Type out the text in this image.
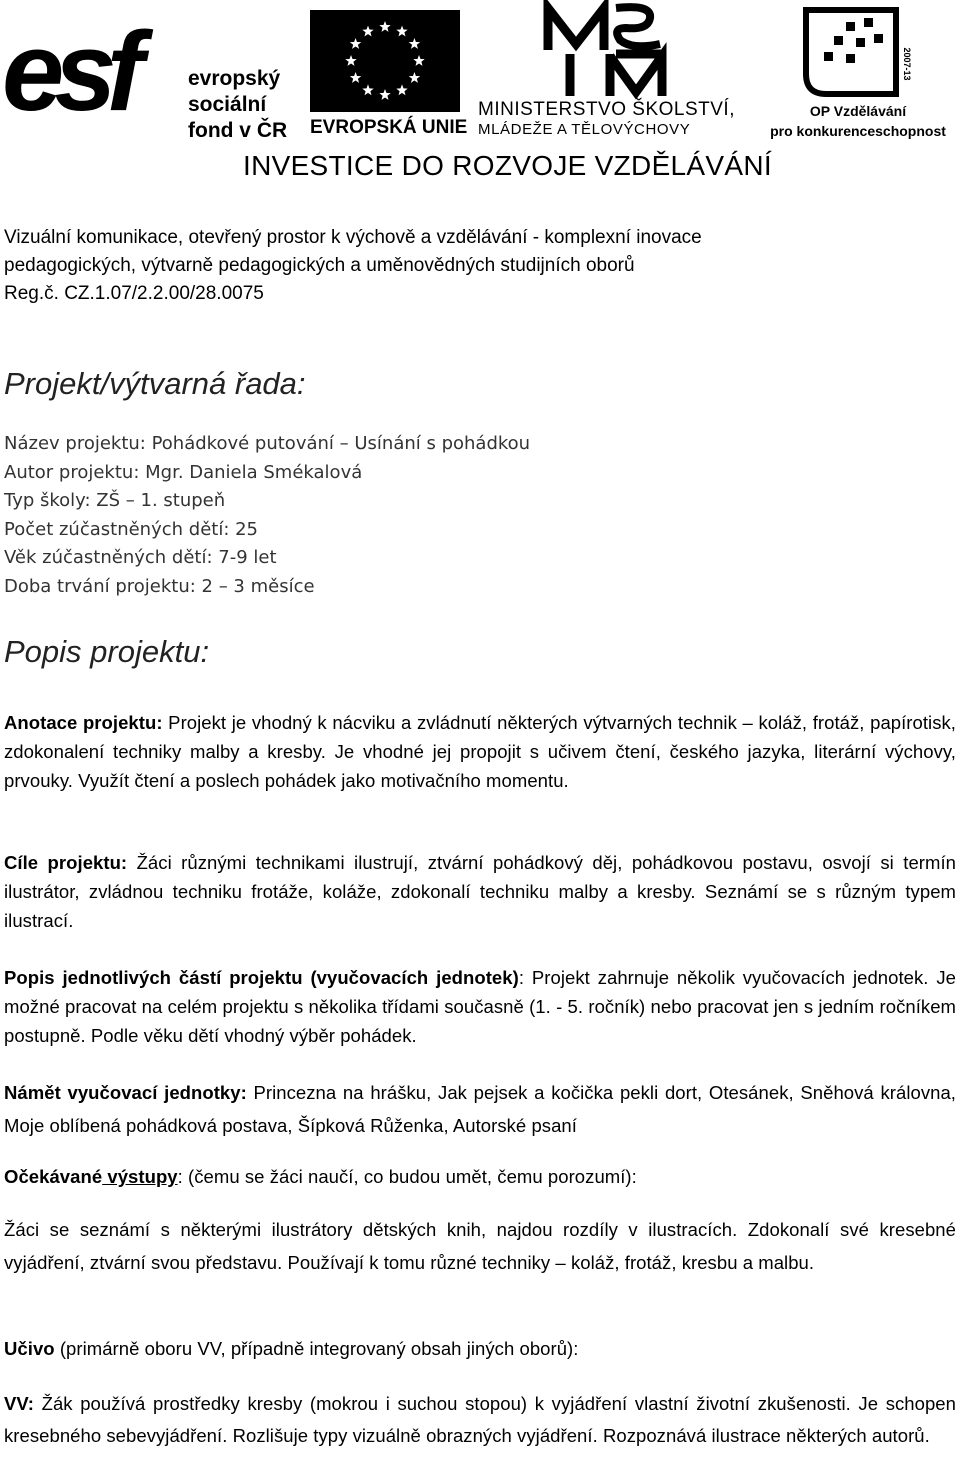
esf	evropský
sociální
fond v ČR EVROPSKÁ UNIE
MINISTERSTVO ŠKOLSTVÍ,
MLÁDEŽE A TĚLOVÝCHOVY
2007-13
OP Vzdělávání
pro konkurenceschopnost
INVESTICE DO ROZVOJE VZDĚLÁVÁNÍ
Vizuální komunikace, otevřený prostor k výchově a vzdělávání - komplexní inovace
pedagogických, výtvarně pedagogických a uměnovědných studijních oborů
Reg.č. CZ.1.07/2.2.00/28.0075
Projekt/výtvarná řada:
Název projektu: Pohádkové putování – Usínání s pohádkou
Autor projektu: Mgr. Daniela Smékalová
Typ školy: ZŠ – 1. stupeň
Počet zúčastněných dětí: 25
Věk zúčastněných dětí: 7-9 let
Doba trvání projektu: 2 – 3 měsíce
Popis projektu:

Anotace projektu: Projekt je vhodný k nácviku a zvládnutí některých výtvarných technik – koláž, frotáž, papírotisk, zdokonalení techniky malby a kresby. Je vhodné jej propojit s učivem čtení, českého jazyka, literární výchovy, prvouky. Využít čtení a poslech pohádek jako motivačního momentu.

Cíle projektu: Žáci různými technikami ilustrují, ztvární pohádkový děj, pohádkovou postavu, osvojí si termín ilustrátor, zvládnou techniku frotáže, koláže, zdokonalí techniku malby a kresby. Seznámí se s různým typem ilustrací.

Popis jednotlivých částí projektu (vyučovacích jednotek): Projekt zahrnuje několik vyučovacích jednotek. Je možné pracovat na celém projektu s několika třídami současně (1. - 5. ročník) nebo pracovat jen s jedním ročníkem postupně. Podle věku dětí vhodný výběr pohádek.

Námět vyučovací jednotky: Princezna na hrášku, Jak pejsek a kočička pekli dort, Otesánek, Sněhová královna, Moje oblíbená pohádková postava, Šípková Růženka, Autorské psaní

Očekávané výstupy: (čemu se žáci naučí, co budou umět, čemu porozumí):

Žáci se seznámí s některými ilustrátory dětských knih, najdou rozdíly v ilustracích. Zdokonalí své kresebné vyjádření, ztvární svou představu. Používají k tomu různé techniky – koláž, frotáž, kresbu a malbu.

Učivo (primárně oboru VV, případně integrovaný obsah jiných oborů):

VV: Žák používá prostředky kresby (mokrou i suchou stopou) k vyjádření vlastní životní zkušenosti. Je schopen kresebného sebevyjádření. Rozlišuje typy vizuálně obrazných vyjádření. Rozpoznává ilustrace některých autorů.
